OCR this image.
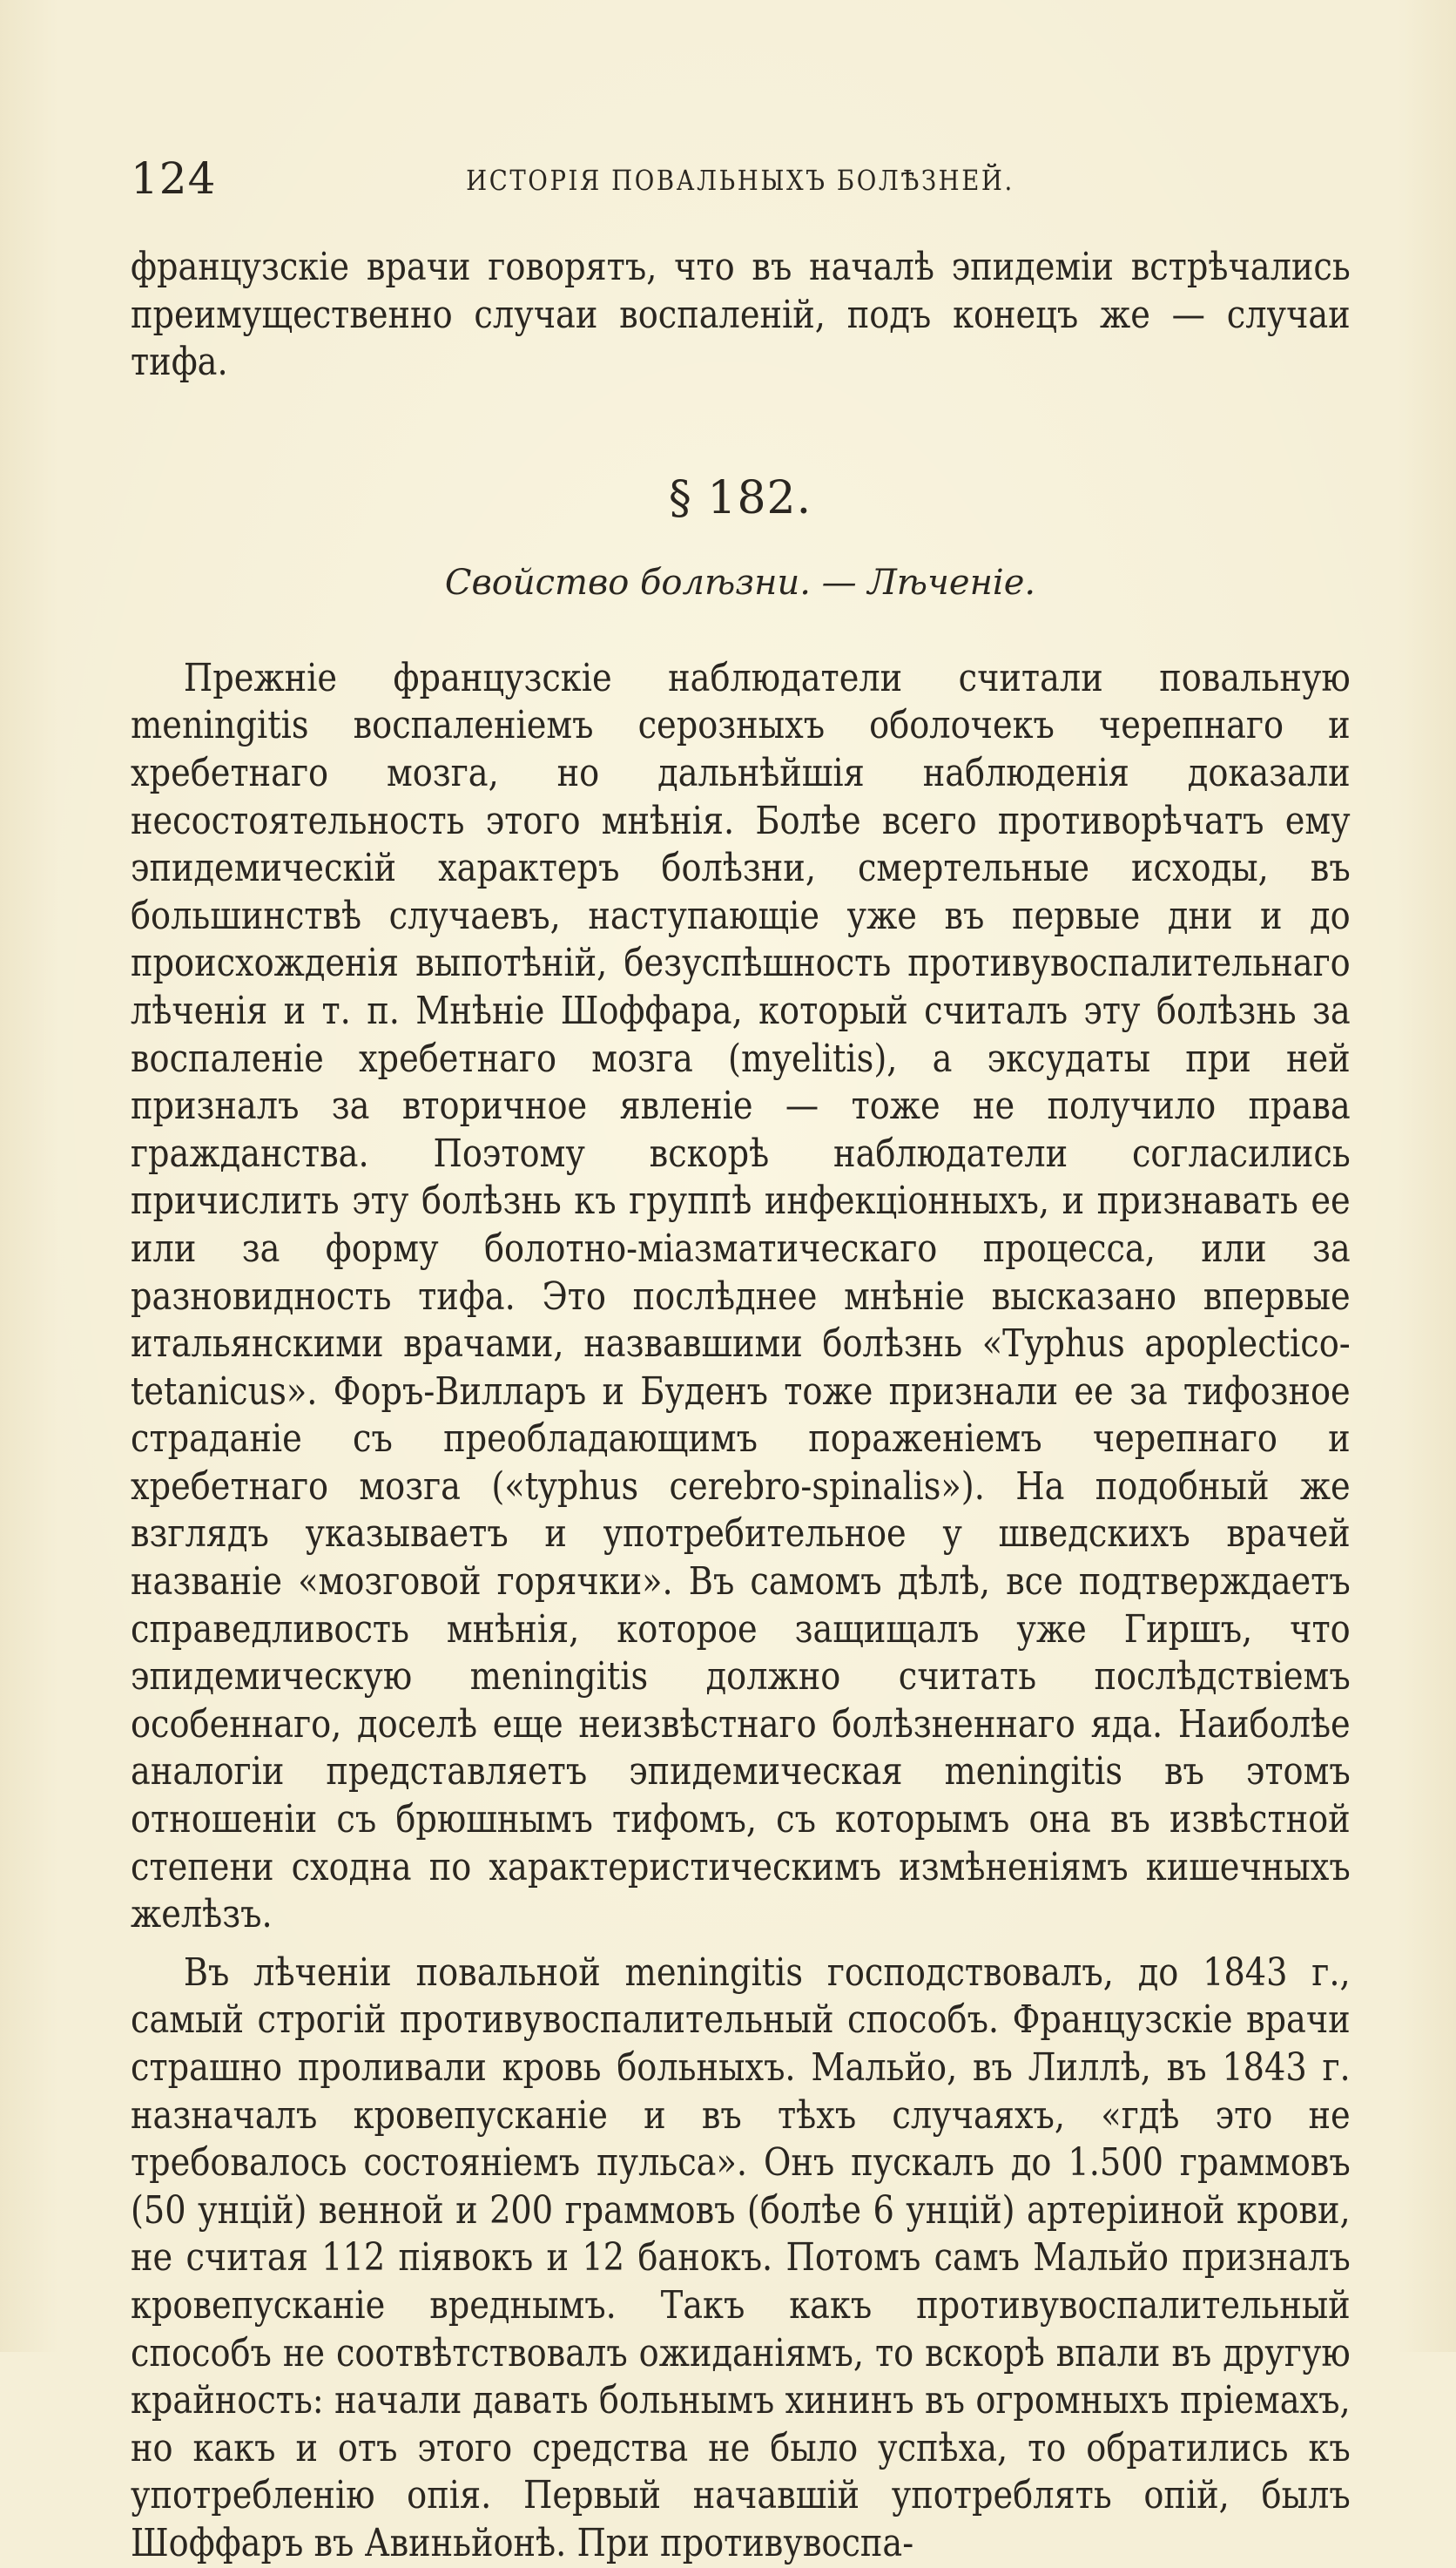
124	ИСТОРІЯ ПОВАЛЬНЫХЪ БОЛѢЗНЕЙ.

французскіе врачи говорятъ, что въ началѣ эпидеміи встрѣчались преимущественно случаи воспаленій, подъ конецъ же — случаи тифа.

§ 182.
Свойство болѣзни. — Лѣченіе.

Прежніе французскіе наблюдатели считали повальную meningitis воспаленіемъ серозныхъ оболочекъ черепнаго и хребетнаго мозга, но дальнѣйшія наблюденія доказали несостоятельность этого мнѣнія. Болѣе всего противорѣчатъ ему эпидемическій характеръ болѣзни, смертельные исходы, въ большинствѣ случаевъ, наступающіе уже въ первые дни и до происхожденія выпотѣній, безуспѣшность противувоспалительнаго лѣченія и т. п. Мнѣніе Шоффара, который считалъ эту болѣзнь за воспаленіе хребетнаго мозга (myelitis), а эксудаты при ней призналъ за вторичное явленіе — тоже не получило права гражданства. Поэтому вскорѣ наблюдатели согласились причислить эту болѣзнь къ группѣ инфекціонныхъ, и признавать ее или за форму болотно-міазматическаго процесса, или за разновидность тифа. Это послѣднее мнѣніе высказано впервые итальянскими врачами, назвавшими болѣзнь «Typhus apoplectico-tetanicus». Форъ-Вилларъ и Буденъ тоже признали ее за тифозное страданіе съ преобладающимъ пораженіемъ черепнаго и хребетнаго мозга («typhus cerebro-spinalis»). На подобный же взглядъ указываетъ и употребительное у шведскихъ врачей названіе «мозговой горячки». Въ самомъ дѣлѣ, все подтверждаетъ справедливость мнѣнія, которое защищалъ уже Гиршъ, что эпидемическую meningitis должно считать послѣдствіемъ особеннаго, доселѣ еще неизвѣстнаго болѣзненнаго яда. Наиболѣе аналогіи представляетъ эпидемическая meningitis въ этомъ отношеніи съ брюшнымъ тифомъ, съ которымъ она въ извѣстной степени сходна по характеристическимъ измѣненіямъ кишечныхъ желѣзъ.

Въ лѣченіи повальной meningitis господствовалъ, до 1843 г., самый строгій противувоспалительный способъ. Французскіе врачи страшно проливали кровь больныхъ. Мальйо, въ Лиллѣ, въ 1843 г. назначалъ кровепусканіе и въ тѣхъ случаяхъ, «гдѣ это не требовалось состояніемъ пульса». Онъ пускалъ до 1.500 граммовъ (50 унцій) венной и 200 граммовъ (болѣе 6 унцій) артеріиной крови, не считая 112 піявокъ и 12 банокъ. Потомъ самъ Мальйо призналъ кровепусканіе вреднымъ. Такъ какъ противувоспалительный способъ не соотвѣтствовалъ ожиданіямъ, то вскорѣ впали въ другую крайность: начали давать больнымъ хининъ въ огромныхъ пріемахъ, но какъ и отъ этого средства не было успѣха, то обратились къ употребленію опія. Первый начавшій употреблять опій, былъ Шоффаръ въ Авиньйонѣ. При противувоспа-
